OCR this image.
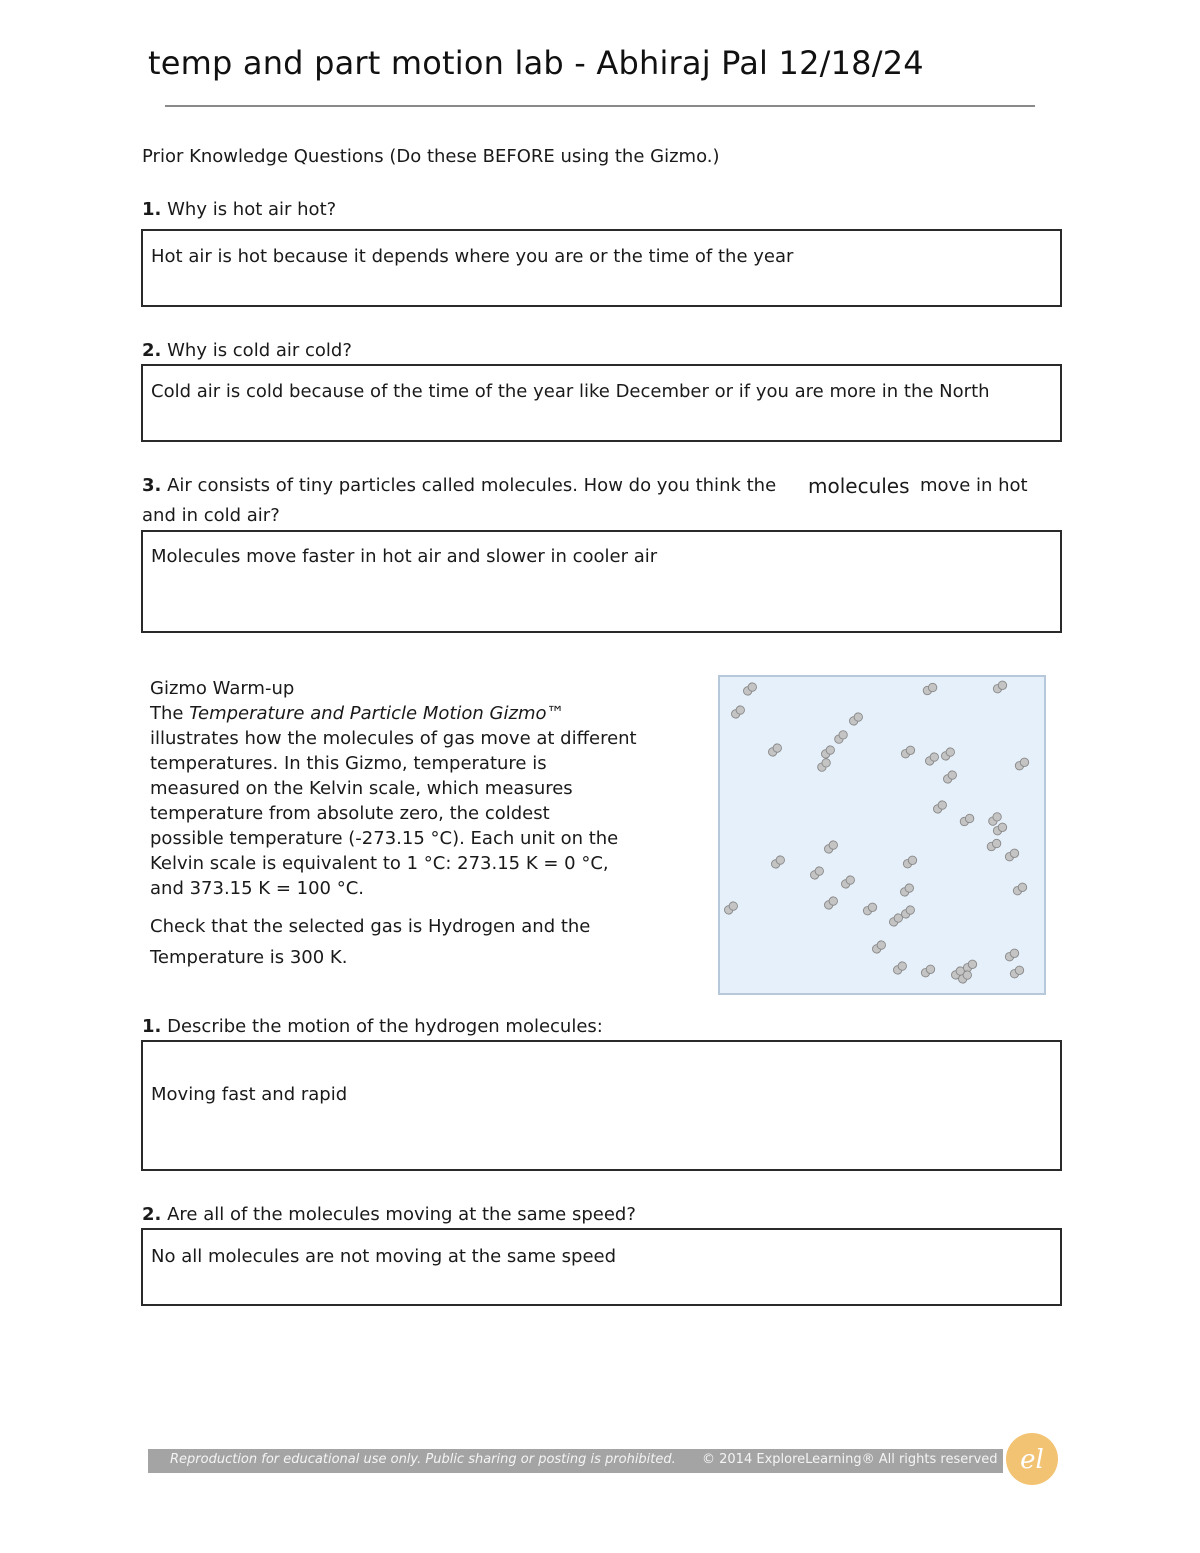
temp and part motion lab - Abhiraj Pal 12/18/24
Prior Knowledge Questions (Do these BEFORE using the Gizmo.)
1. Why is hot air hot?
Hot air is hot because it depends where you are or the time of the year
2. Why is cold air cold?
Cold air is cold because of the time of the year like December or if you are more in the North
3. Air consists of tiny particles called molecules. How do you think the molecules move in hot
and in cold air?
Molecules move faster in hot air and slower in cooler air

Gizmo Warm-up

The Temperature and Particle Motion Gizmo™

illustrates how the molecules of gas move at different

temperatures. In this Gizmo, temperature is

measured on the Kelvin scale, which measures

temperature from absolute zero, the coldest

possible temperature (-273.15 °C). Each unit on the

Kelvin scale is equivalent to 1 °C: 273.15 K = 0 °C,

and 373.15 K = 100 °C.

Check that the selected gas is Hydrogen and the

Temperature is 300 K.

1. Describe the motion of the hydrogen molecules:
Moving fast and rapid
2. Are all of the molecules moving at the same speed?
No all molecules are not moving at the same speed
Reproduction for educational use only. Public sharing or posting is prohibited. © 2014 ExploreLearning® All rights reserved el
